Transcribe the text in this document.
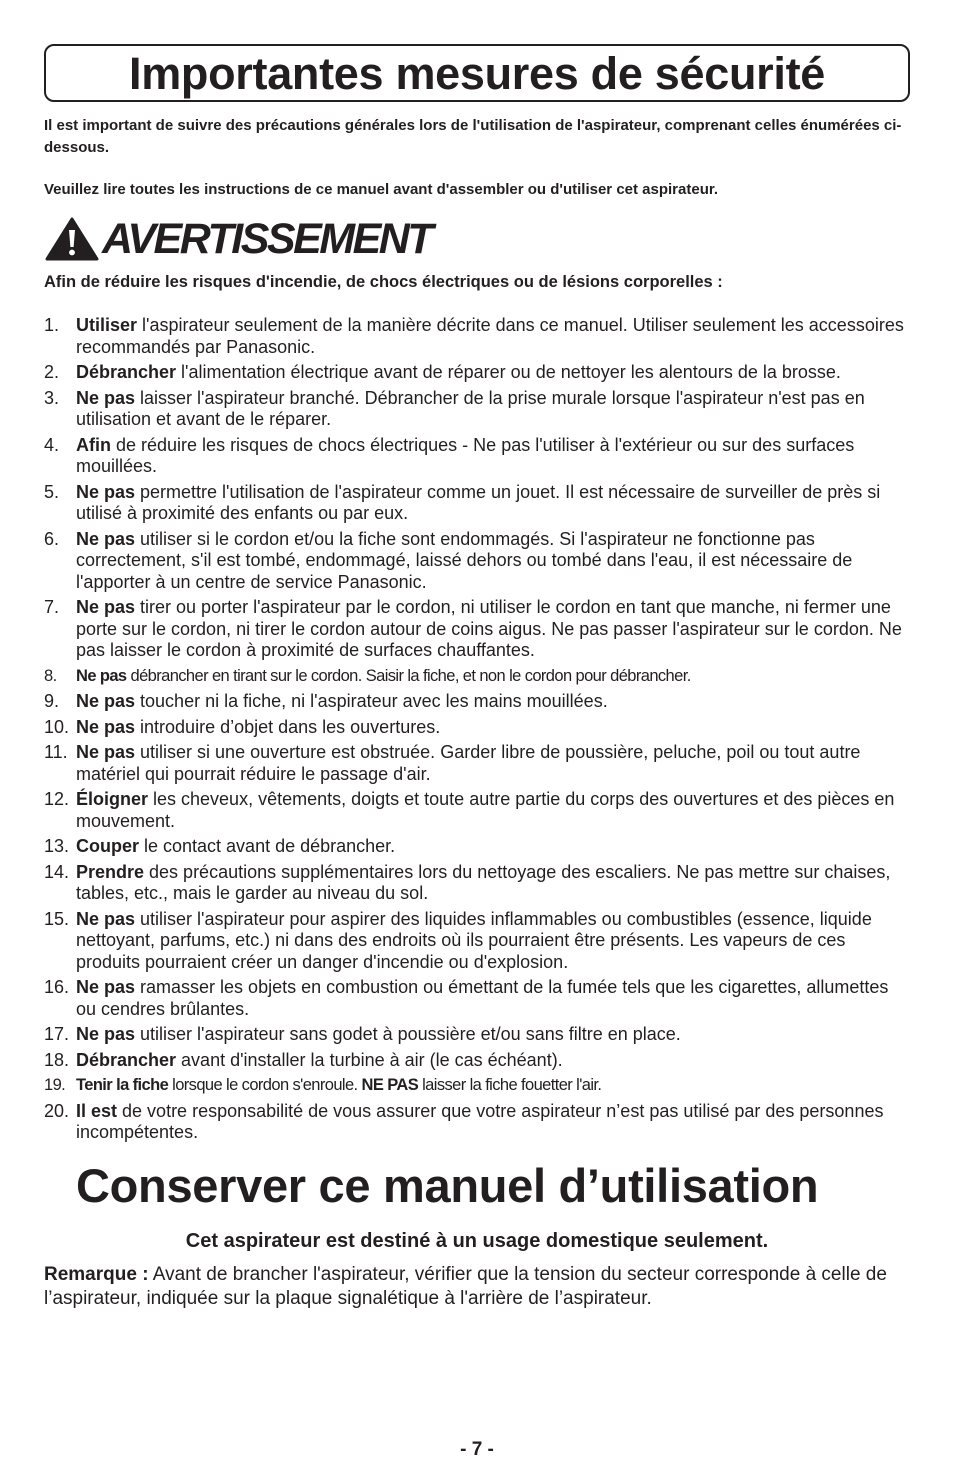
Importantes mesures de sécurité

Il est important de suivre des précautions générales lors de l'utilisation de l'aspirateur, comprenant celles énumérées ci-dessous.

Veuillez lire toutes les instructions de ce manuel avant d'assembler ou d'utiliser cet aspirateur.

AVERTISSEMENT
Afin de réduire les risques d'incendie, de chocs électriques ou de lésions corporelles :
1. Utiliser l'aspirateur seulement de la manière décrite dans ce manuel. Utiliser seulement les accessoires recommandés par Panasonic.
2. Débrancher l'alimentation électrique avant de réparer ou de nettoyer les alentours de la brosse.
3. Ne pas laisser l'aspirateur branché. Débrancher de la prise murale lorsque l'aspirateur n'est pas en utilisation et avant de le réparer.
4. Afin de réduire les risques de chocs électriques - Ne pas l'utiliser à l'extérieur ou sur des surfaces mouillées.
5. Ne pas permettre l'utilisation de l'aspirateur comme un jouet. Il est nécessaire de surveiller de près si utilisé à proximité des enfants ou par eux.
6. Ne pas utiliser si le cordon et/ou la fiche sont endommagés. Si l'aspirateur ne fonctionne pas correctement, s'il est tombé, endommagé, laissé dehors ou tombé dans l'eau, il est nécessaire de l'apporter à un centre de service Panasonic.
7. Ne pas tirer ou porter l'aspirateur par le cordon, ni utiliser le cordon en tant que manche, ni fermer une porte sur le cordon, ni tirer le cordon autour de coins aigus. Ne pas passer l'aspirateur sur le cordon. Ne pas laisser le cordon à proximité de surfaces chauffantes.
8. Ne pas débrancher en tirant sur le cordon. Saisir la fiche, et non le cordon pour débrancher.
9. Ne pas toucher ni la fiche, ni l'aspirateur avec les mains mouillées.
10. Ne pas introduire d’objet dans les ouvertures.
11. Ne pas utiliser si une ouverture est obstruée. Garder libre de poussière, peluche, poil ou tout autre matériel qui pourrait réduire le passage d'air.
12. Éloigner les cheveux, vêtements, doigts et toute autre partie du corps des ouvertures et des pièces en mouvement.
13. Couper le contact avant de débrancher.
14. Prendre des précautions supplémentaires lors du nettoyage des escaliers. Ne pas mettre sur chaises, tables, etc., mais le garder au niveau du sol.
15. Ne pas utiliser l'aspirateur pour aspirer des liquides inflammables ou combustibles (essence, liquide nettoyant, parfums, etc.) ni dans des endroits où ils pourraient être présents. Les vapeurs de ces produits pourraient créer un danger d'incendie ou d'explosion.
16. Ne pas ramasser les objets en combustion ou émettant de la fumée tels que les cigarettes, allumettes ou cendres brûlantes.
17. Ne pas utiliser l'aspirateur sans godet à poussière et/ou sans filtre en place.
18. Débrancher avant d'installer la turbine à air (le cas échéant).
19. Tenir la fiche lorsque le cordon s'enroule. NE PAS laisser la fiche fouetter l'air.
20. Il est de votre responsabilité de vous assurer que votre aspirateur n’est pas utilisé par des personnes incompétentes.
Conserver ce manuel d’utilisation
Cet aspirateur est destiné à un usage domestique seulement.
Remarque : Avant de brancher l'aspirateur, vérifier que la tension du secteur corresponde à celle de l’aspirateur, indiquée sur la plaque signalétique à l'arrière de l’aspirateur.
- 7 -
